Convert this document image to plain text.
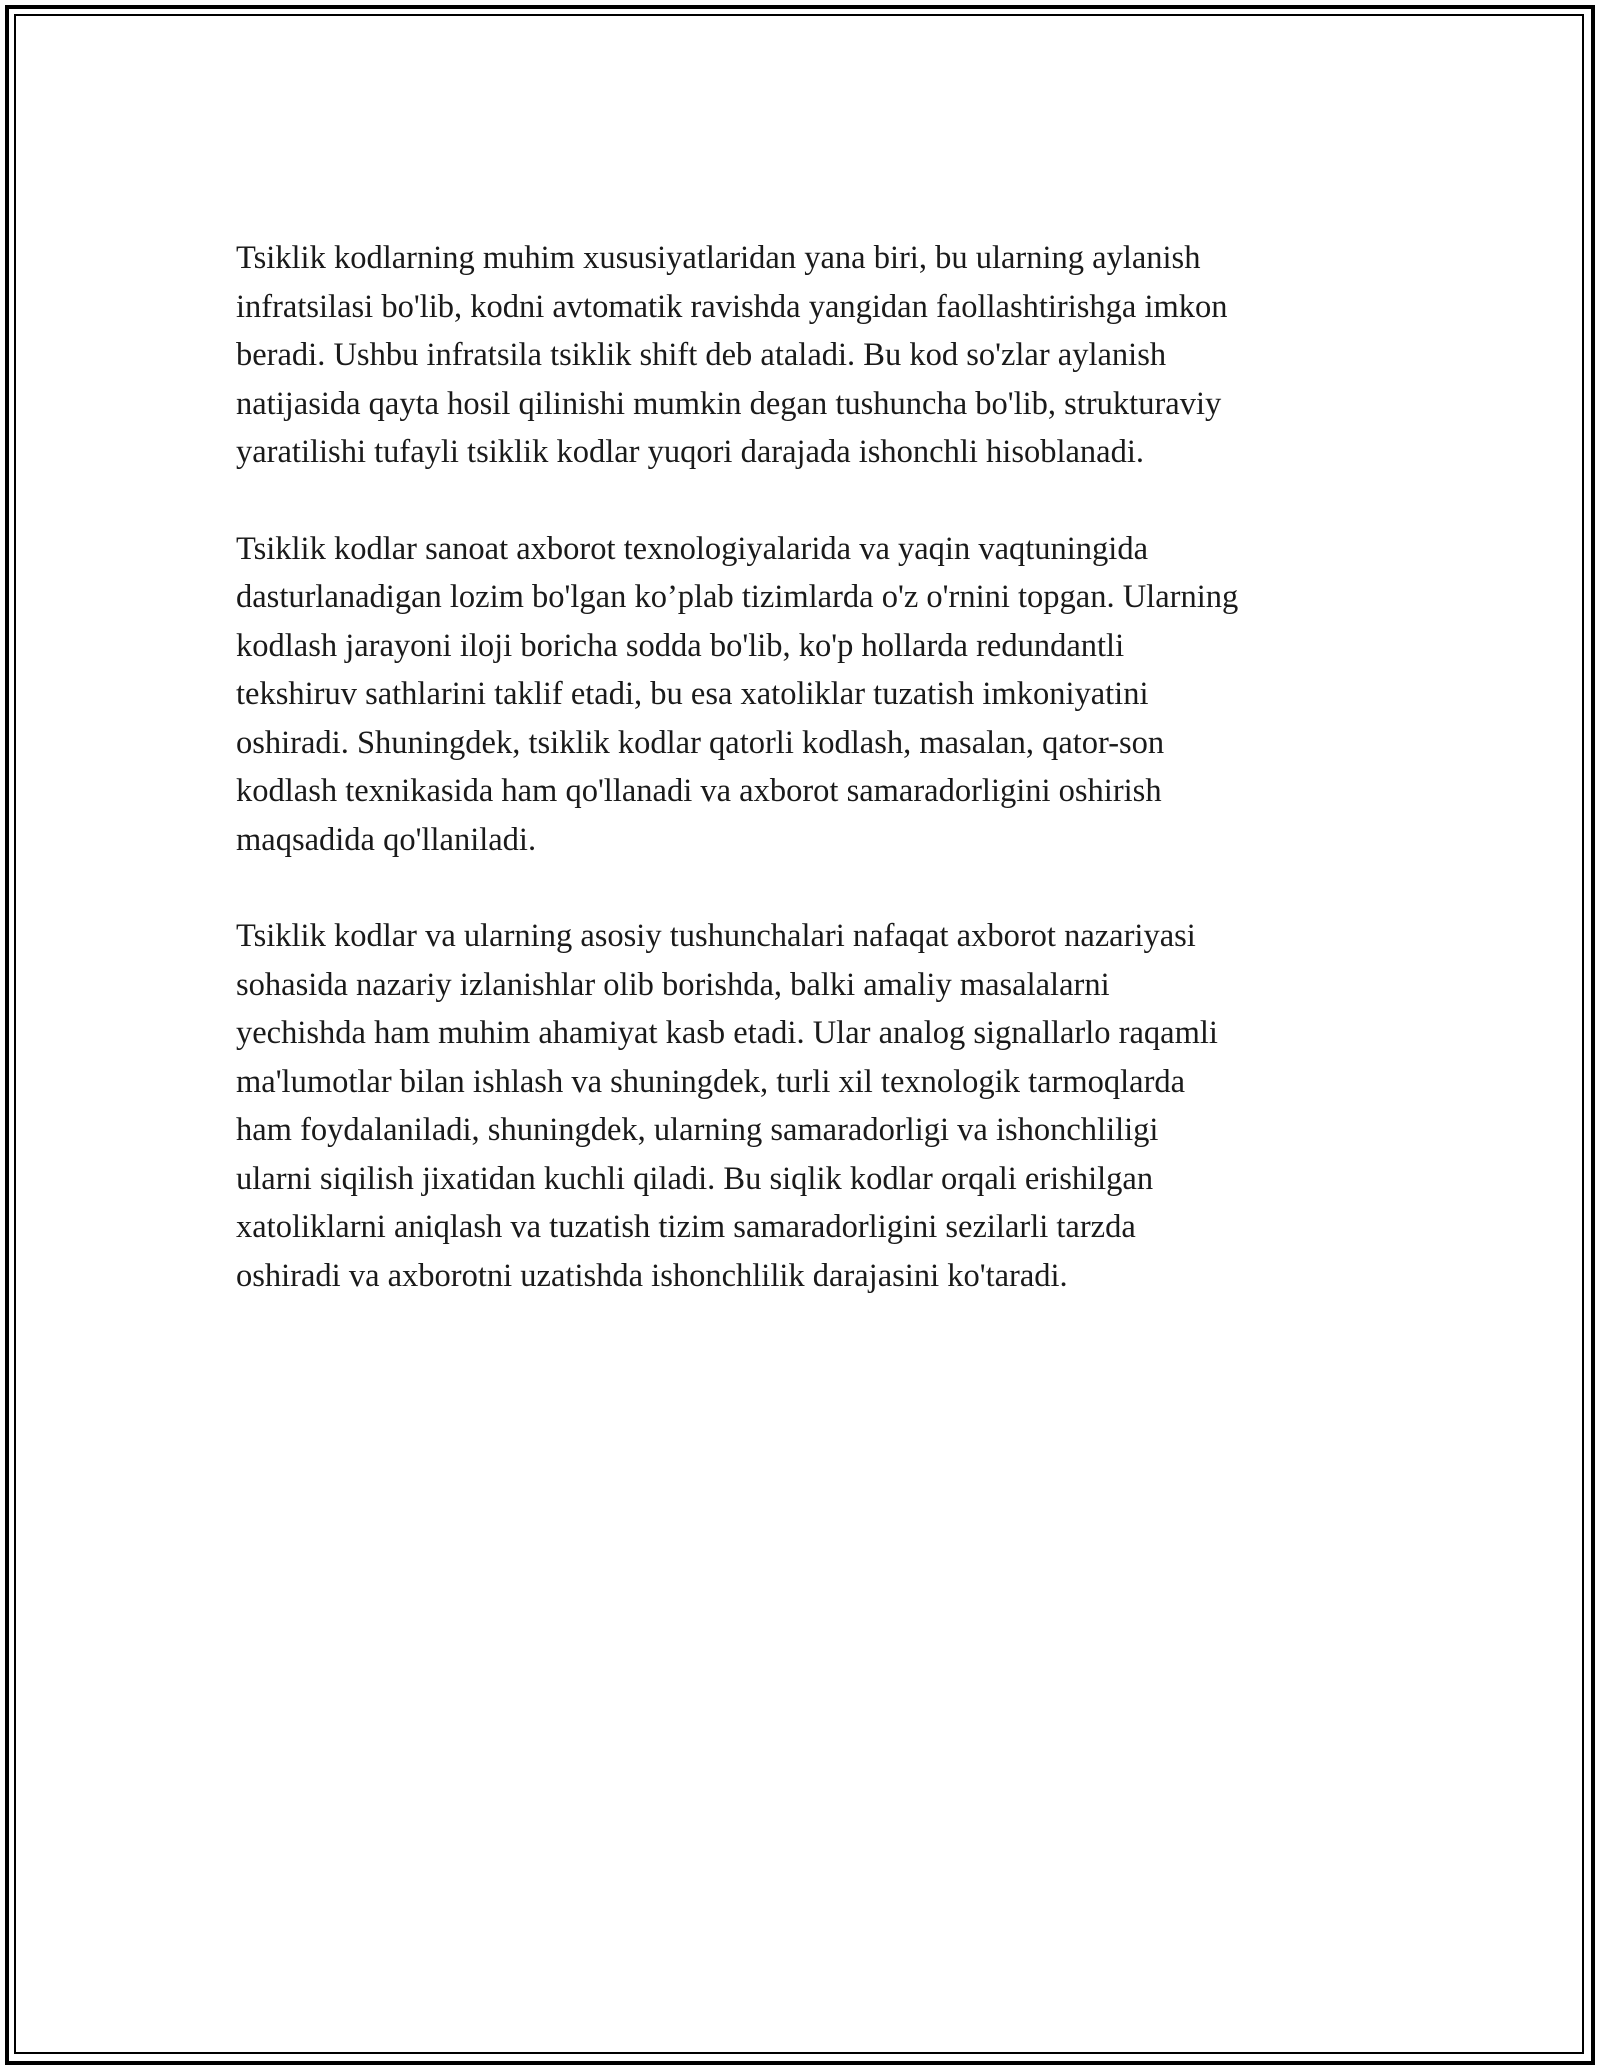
Tsiklik kodlarning muhim xususiyatlaridan yana biri, bu ularning aylanish
infratsilasi bo'lib, kodni avtomatik ravishda yangidan faollashtirishga imkon
beradi. Ushbu infratsila tsiklik shift deb ataladi. Bu kod so'zlar aylanish
natijasida qayta hosil qilinishi mumkin degan tushuncha bo'lib, strukturaviy
yaratilishi tufayli tsiklik kodlar yuqori darajada ishonchli hisoblanadi.

Tsiklik kodlar sanoat axborot texnologiyalarida va yaqin vaqtuningida
dasturlanadigan lozim bo'lgan ko’plab tizimlarda o'z o'rnini topgan. Ularning
kodlash jarayoni iloji boricha sodda bo'lib, ko'p hollarda redundantli
tekshiruv sathlarini taklif etadi, bu esa xatoliklar tuzatish imkoniyatini
oshiradi. Shuningdek, tsiklik kodlar qatorli kodlash, masalan, qator-son
kodlash texnikasida ham qo'llanadi va axborot samaradorligini oshirish
maqsadida qo'llaniladi.

Tsiklik kodlar va ularning asosiy tushunchalari nafaqat axborot nazariyasi
sohasida nazariy izlanishlar olib borishda, balki amaliy masalalarni
yechishda ham muhim ahamiyat kasb etadi. Ular analog signallarlo raqamli
ma'lumotlar bilan ishlash va shuningdek, turli xil texnologik tarmoqlarda
ham foydalaniladi, shuningdek, ularning samaradorligi va ishonchliligi
ularni siqilish jixatidan kuchli qiladi. Bu siqlik kodlar orqali erishilgan
xatoliklarni aniqlash va tuzatish tizim samaradorligini sezilarli tarzda
oshiradi va axborotni uzatishda ishonchlilik darajasini ko'taradi.
